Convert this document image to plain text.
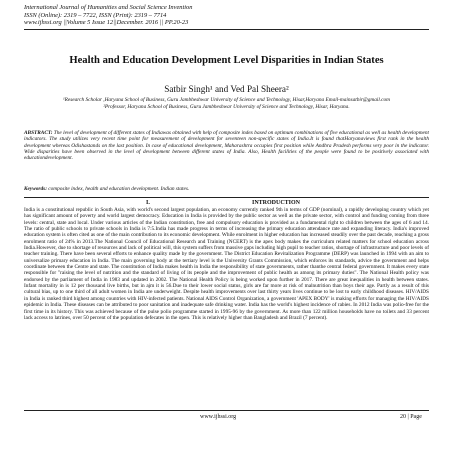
International Journal of Humanities and Social Science Invention
ISSN (Online): 2319 – 7722, ISSN (Print): 2319 – 7714
www.ijhssi.org ||Volume 5 Issue 12||December. 2016 || PP.20-23
Health and Education Development Level Disparities in Indian States
Satbir Singh¹ and Ved Pal Sheera²
¹Research Scholar ,Haryana School of Business, Guru Jambheshwar University of Science and Technology, Hisar,Haryana Email-mainsatbir@gmail.com
²Professor, Haryana School of Business, Guru Jambheshwar University of Science and Technology, Hisar, Haryana.
ABSTRACT: The level of development of different states of Indiawas obtained with help of composite index based on optimum combinations of five educational as well as health development indicators. The study utilizes very recent time point for measurement of development for seventeen non-specific states of India.It is found thatHaryanaviews first rank in the health development whereas Odishastands on the last position. In case of educational development, Maharashtra occupies first position while Andhra Pradesh performs very poor in the indicator. Wide disparities have been observed in the level of development between different states of India. Also, Health facilities of the people were found to be positively associated with educationdevelopment.
Keywords: composite index, health and education development. Indian states.
I.	INTRODUCTION
India is a constitutional republic in South Asia, with world's second largest population, an economy currently ranked 9th in terms of GDP (nominal), a rapidly developing country which yet has significant amount of poverty and world largest democracy. Education in India is provided by the public sector as well as the private sector, with control and funding coming from three levels: central, state and local. Under various articles of the Indian constitution, free and compulsory education is provided as a fundamental right to children between the ages of 6 and 14. The ratio of public schools to private schools in India is 7:5.India has made progress in terms of increasing the primary education attendance rate and expanding literacy. India's improved education system is often cited as one of the main contribution to its economic development. While enrolment in higher education has increased steadily over the past decade, reaching a gross enrolment ratio of 24% in 2013.The National Council of Educational Research and Training (NCERT) is the apex body makes the curriculum related matters for school education across India.However, due to shortage of resources and lack of political will, this system suffers from massive gaps including high pupil to teacher ratios, shortage of infrastructure and poor levels of teacher training. There have been several efforts to enhance quality made by the government. The District Education Revitalization Programme (DERP) was launched in 1994 with an aim to universalize primary education in India. The main governing body at the tertiary level is the University Grants Commission, which enforces its standards, advice the government and helps coordinate between the Centre and state. The constitution of India makes health in India the responsibility of state governments, rather thanthe central federal government. It makes every state responsible for "raising the level of nutrition and the standard of living of its people and the improvement of public health as among its primary duties". The National Health policy was endorsed by the parliament of India in 1983 and updated in 2002. The National Health Policy is being worked upon further in 2017. There are great inequalities in health between states. Infant mortality in is 12 per thousand live births, but in ajm it is 56.Due to their lower social status, girls are far more at risk of malnutrition than boys their age. Partly as a result of this cultural bias, up to one third of all adult women in India are underweight. Despite health improvements over last thirty years lives continue to be lost to early childhood diseases. HIV/AIDS in India is ranked third highest among countries with HIV-infected patients. National AIDS Control Organization, a government 'APEX BODY' is making efforts for managing the HIV/AIDS epidemic in India. These diseases can be attributed to poor sanitation and inadequate safe drinking water. India has the world's highest incidence of rabies. In 2012 India was polio-free for the first time in its history. This was achieved because of the pulse polio programme started in 1995-96 by the government. As more than 122 million households have no toilets and 33 percent lack access to latrines, over 50 percent of the population defecates in the open. This is relatively higher than Bangladesh and Brazil (7 percent).
www.ijhssi.org	20 | Page
